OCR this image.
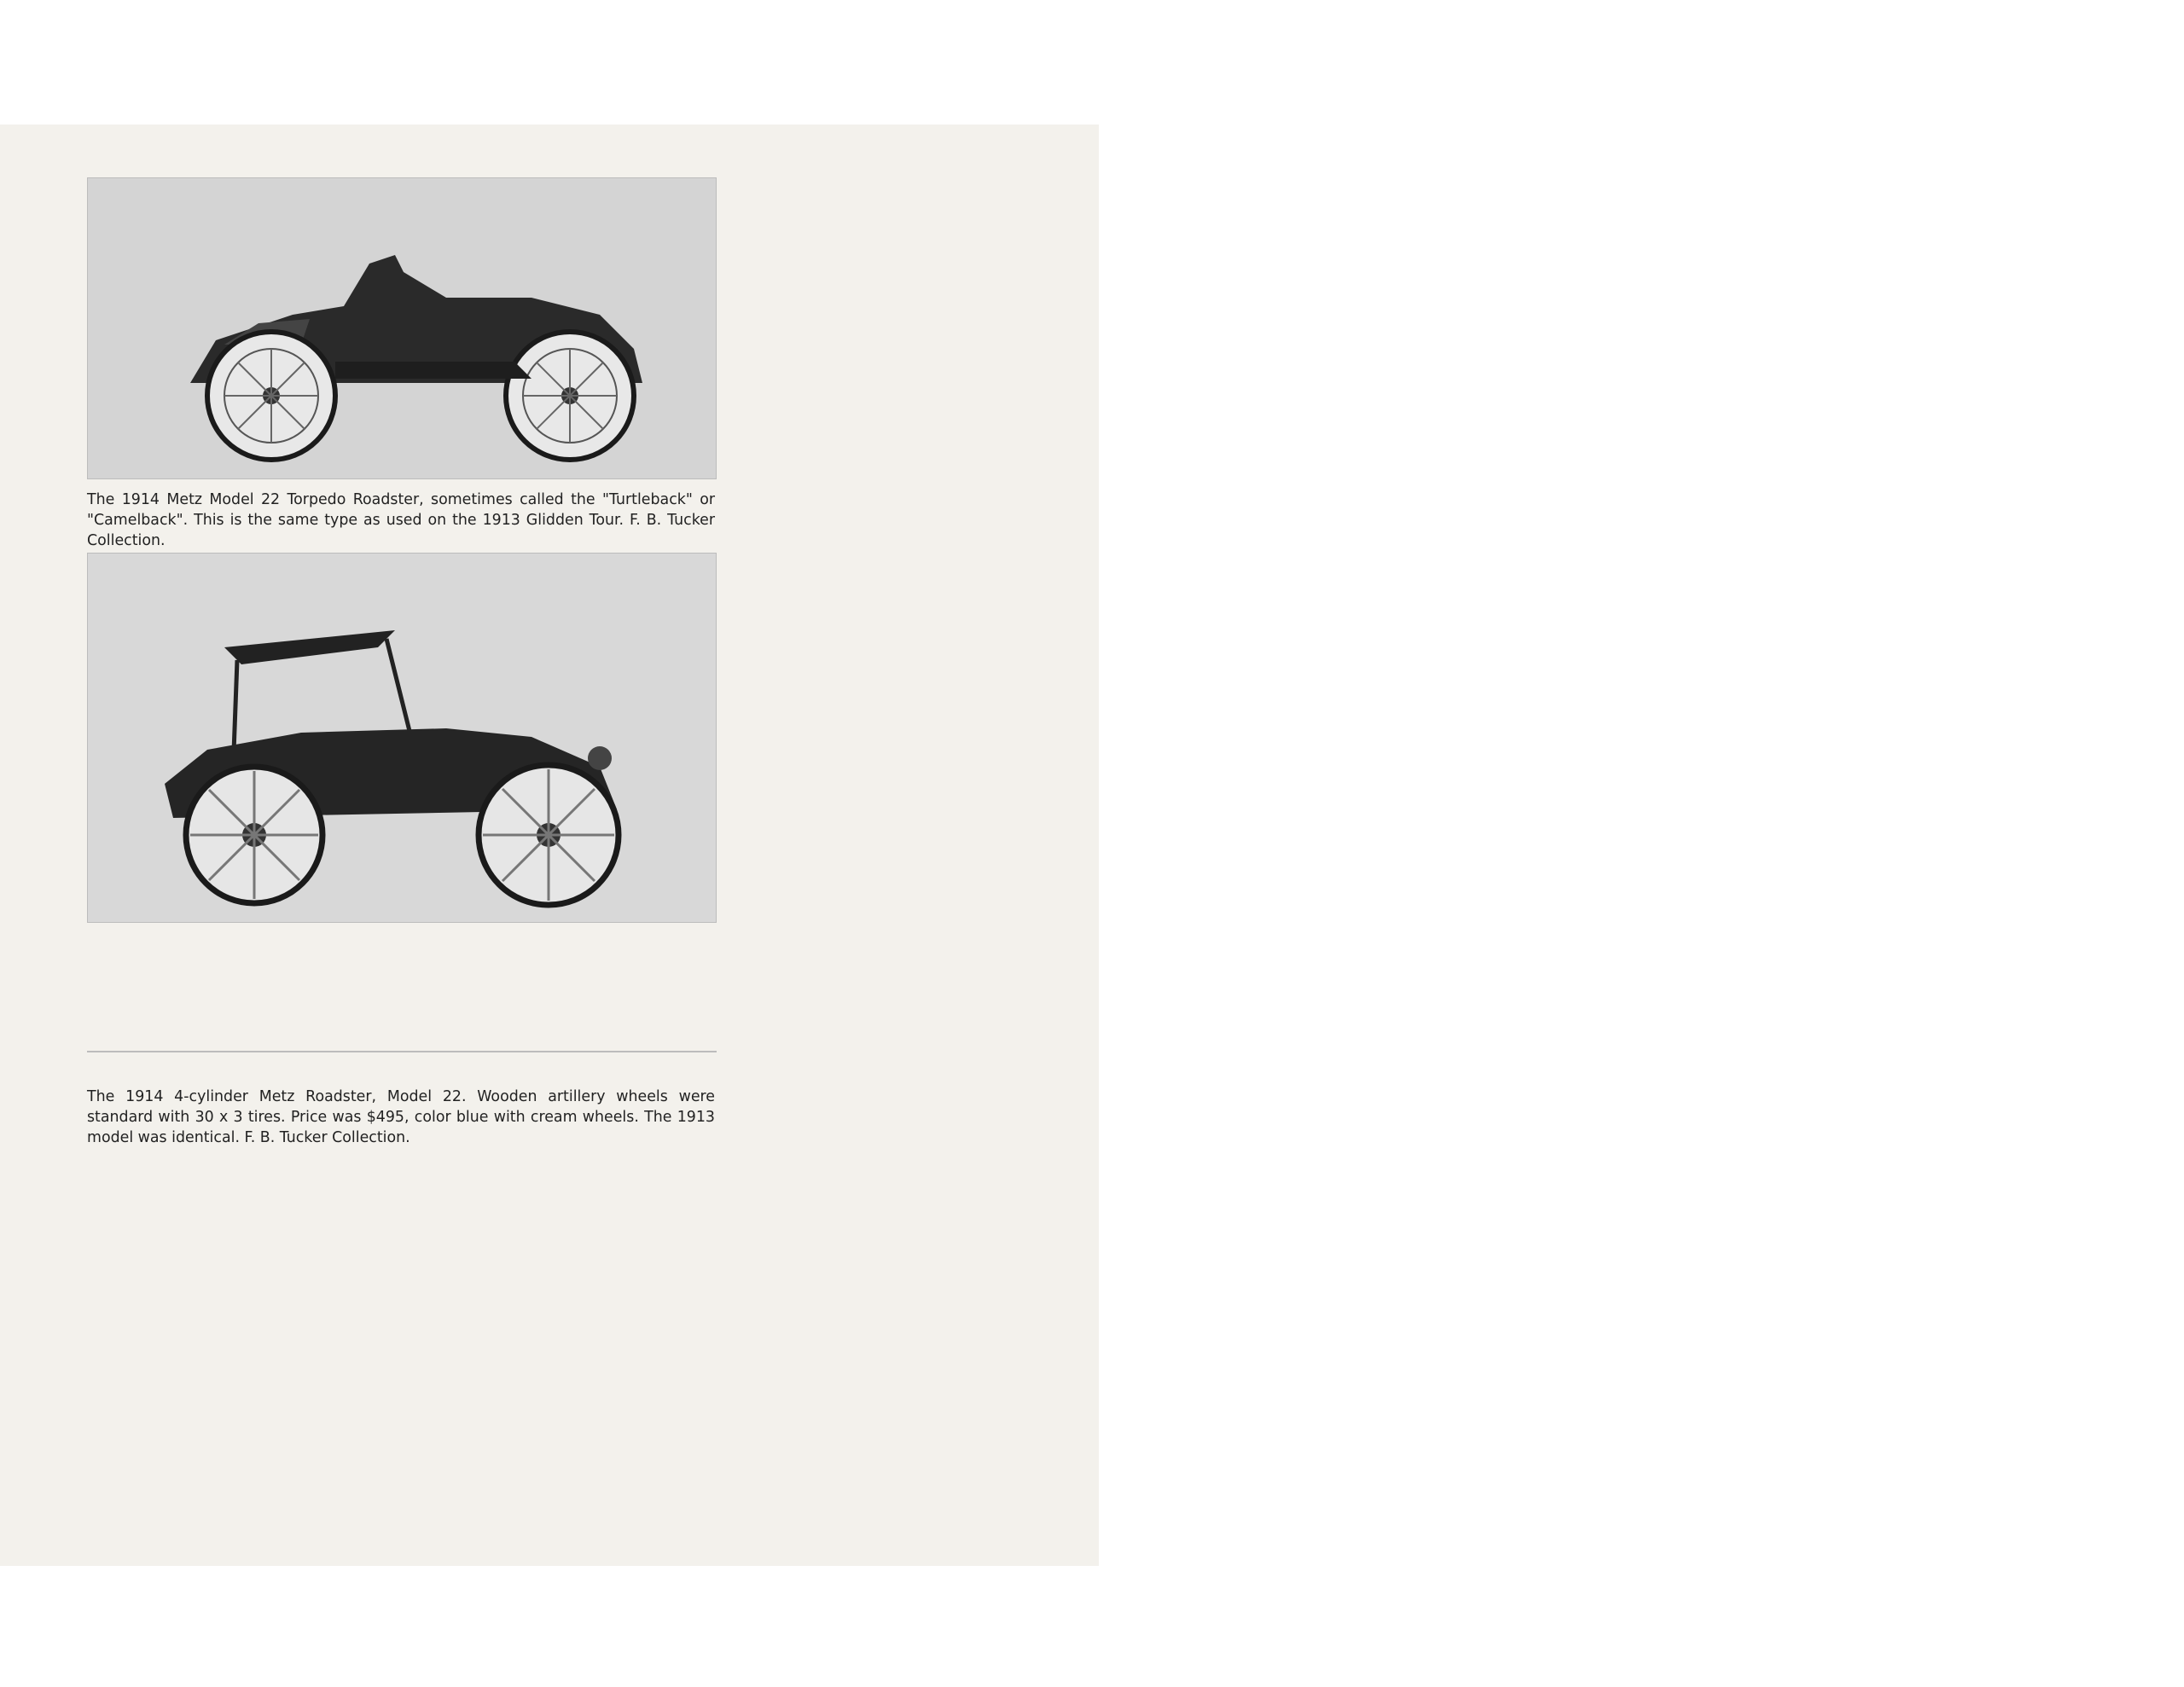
The 1914 Metz Model 22 Torpedo Roadster, sometimes called the "Turtleback" or "Camelback". This is the same type as used on the 1913 Glidden Tour. F. B. Tucker Collection.
The 1914 4-cylinder Metz Roadster, Model 22. Wooden artillery wheels were standard with 30 x 3 tires. Price was $495, color blue with cream wheels. The 1913 model was identical. F. B. Tucker Collection.
